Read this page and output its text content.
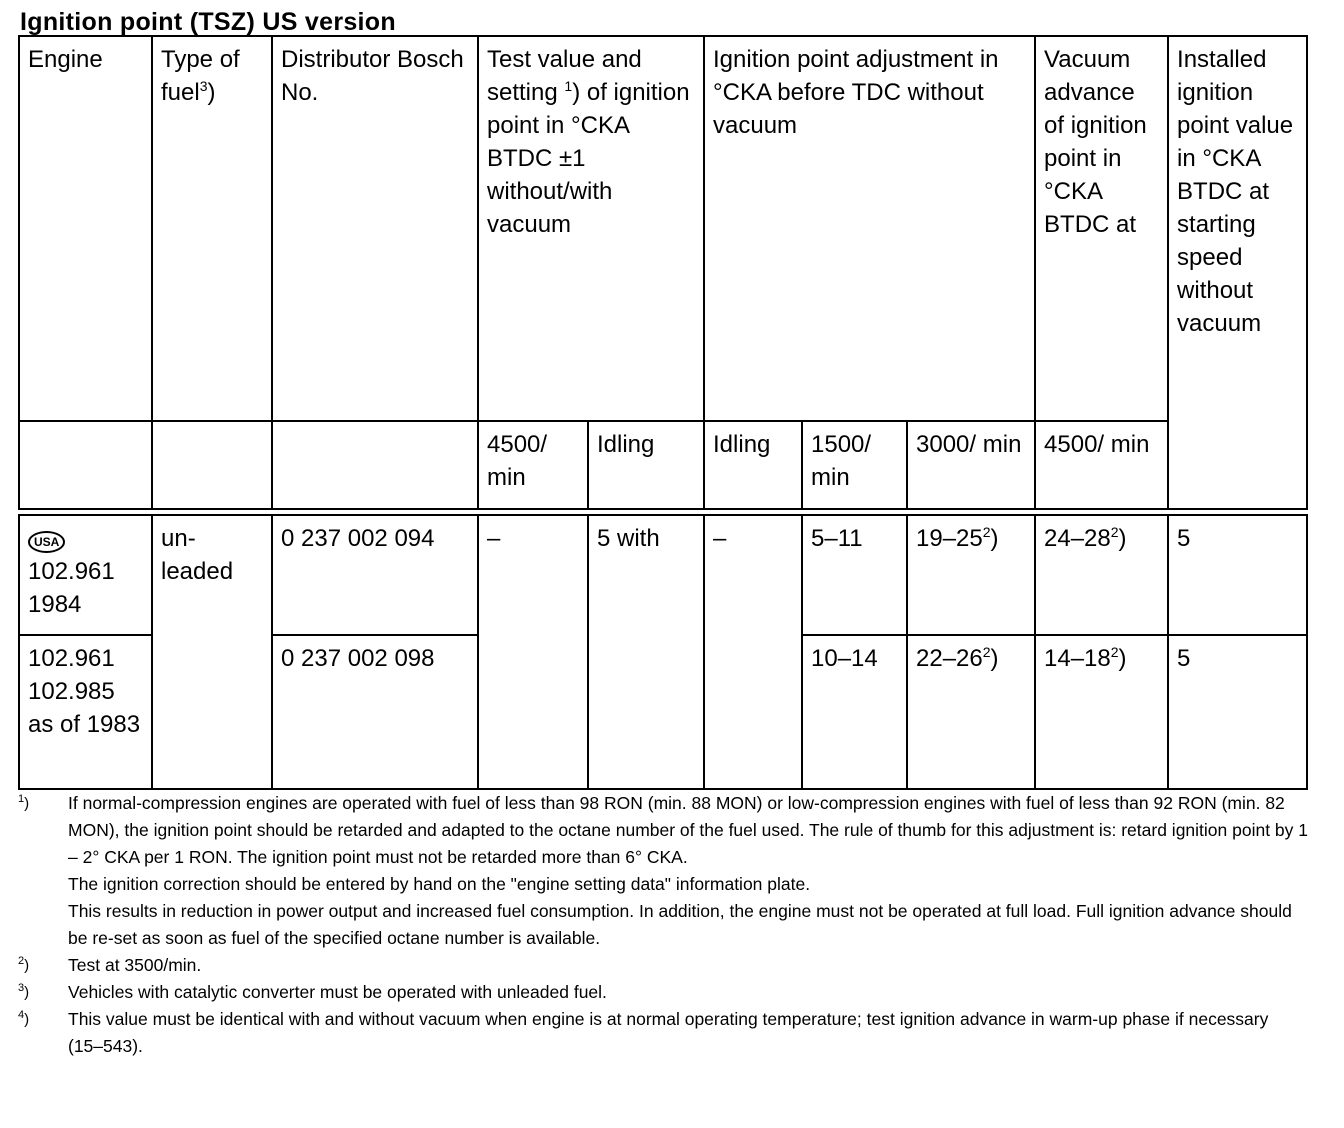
Ignition point (TSZ) US version
Engine	Type of fuel$^3$)	Distributor Bosch No.	Test value and setting $^1$) of ignition point in °CKA BTDC ±1 without/with vacuum		Ignition point adjustment in °CKA before TDC without vacuum			Vacuum advance of ignition point in °CKA BTDC at	Installed ignition point value in °CKA BTDC at starting speed without vacuum
			4500/ min	Idling	Idling	1500/ min	3000/ min	4500/ min	
USA
102.961 1984	un- leaded	0 237 002 094	–	5 with	–	5–11	$19-25^2$)	$24-28^2$)	5
102.961 102.985 as of 1983		0 237 002 098				10–14	$22-26^2$)	$14-18^2$)	5
$^1$)	If normal-compression engines are operated with fuel of less than 98 RON (min. 88 MON) or low-compression engines with fuel of less than 92 RON (min. 82 MON), the ignition point should be retarded and adapted to the octane number of the fuel used. The rule of thumb for this adjustment is: retard ignition point by 1 – 2° CKA per 1 RON. The ignition point must not be retarded more than 6° CKA.
The ignition correction should be entered by hand on the "engine setting data" information plate.
This results in reduction in power output and increased fuel consumption. In addition, the engine must not be operated at full load. Full ignition advance should be re-set as soon as fuel of the specified octane number is available.
$^2$)	Test at 3500/min.
$^3$)	Vehicles with catalytic converter must be operated with unleaded fuel.
$^4$)	This value must be identical with and without vacuum when engine is at normal operating temperature; test ignition advance in warm-up phase if necessary (15–543).
